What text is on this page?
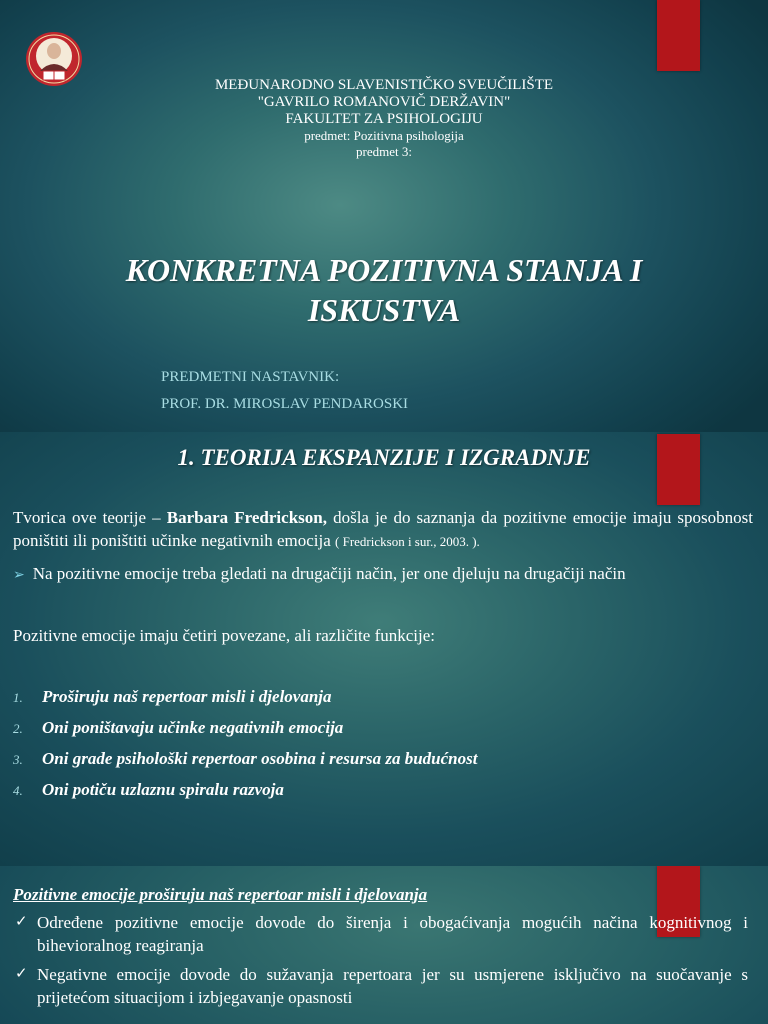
MEĐUNARODNO SLAVENISTIČKO SVEUČILIŠTE
"GAVRILO ROMANOVIČ DERŽAVIN"
FAKULTET ZA PSIHOLOGIJU
predmet: Pozitivna psihologija
predmet 3:
KONKRETNA POZITIVNA STANJA I
ISKUSTVA
PREDMETNI NASTAVNIK:
PROF. DR. MIROSLAV PENDAROSKI
1. TEORIJA EKSPANZIJE I IZGRADNJE
Tvorica ove teorije – Barbara Fredrickson, došla je do saznanja da pozitivne emocije imaju sposobnost poništiti ili poništiti učinke negativnih emocija ( Fredrickson i sur., 2003. ).
➢ Na pozitivne emocije treba gledati na drugačiji način, jer one djeluju na drugačiji način
Pozitivne emocije imaju četiri povezane, ali različite funkcije:
1. Proširuju naš repertoar misli i djelovanja
2. Oni poništavaju učinke negativnih emocija
3. Oni grade psihološki repertoar osobina i resursa za budućnost
4. Oni potiču uzlaznu spiralu razvoja
Pozitivne emocije proširuju naš repertoar misli i djelovanja
✓ Određene pozitivne emocije dovode do širenja i obogaćivanja mogućih načina kognitivnog i bihevioralnog reagiranja
✓ Negativne emocije dovode do sužavanja repertoara jer su usmjerene isključivo na suočavanje s prijetećom situacijom i izbjegavanje opasnosti
